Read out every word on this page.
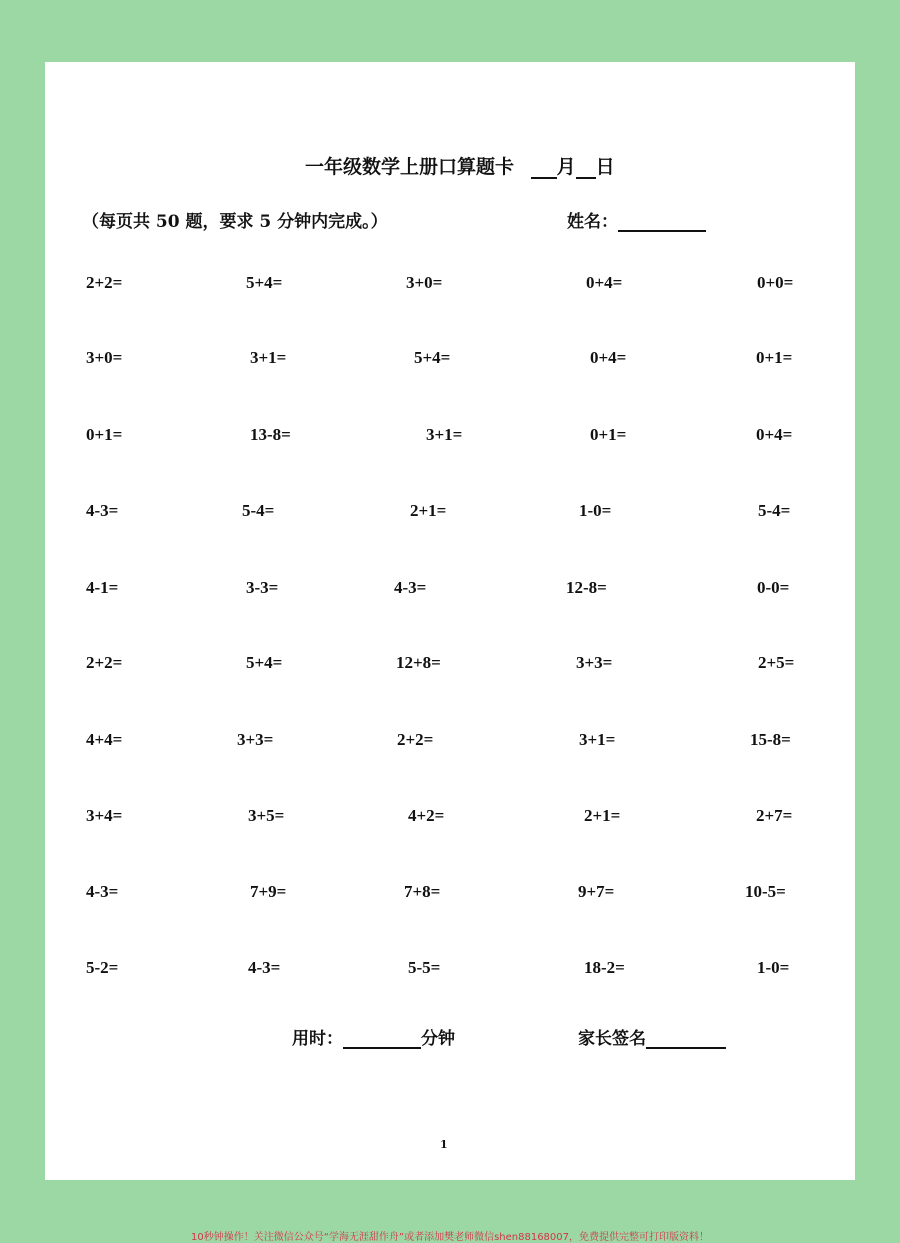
一年级数学上册口算题卡 月 日
（每页共 50 题，要求 5 分钟内完成。）	姓名：
2+2=	5+4=	3+0=	0+4=	0+0=
3+0=	3+1=	5+4=	0+4=	0+1=
0+1=	13-8=	3+1=	0+1=	0+4=
4-3=	5-4=	2+1=	1-0=	5-4=
4-1=	3-3=	4-3=	12-8=	0-0=
2+2=	5+4=	12+8=	3+3=	2+5=
4+4=	3+3=	2+2=	3+1=	15-8=
3+4=	3+5=	4+2=	2+1=	2+7=
4-3=	7+9=	7+8=	9+7=	10-5=
5-2=	4-3=	5-5=	18-2=	1-0=
用时：	分钟	家长签名
1
10秒钟操作！关注微信公众号“学海无涯甜作舟”或者添加樊老师微信shen88168007，免费提供完整可打印版资料！
